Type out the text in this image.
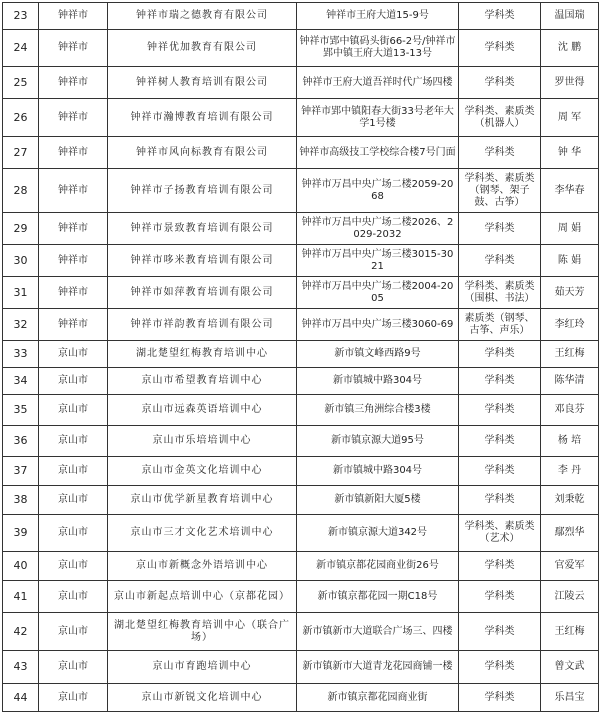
23	钟祥市	钟祥市瑞之德教育有限公司	钟祥市王府大道15-9号	学科类	温国瑞

24	钟祥市	钟祥优加教育有限公司	钟祥市郢中镇码头街66-2号/钟祥市郢中镇王府大道13-13号	学科类	沈 鹏

25	钟祥市	钟祥树人教育培训有限公司	钟祥市王府大道吾祥时代广场四楼	学科类	罗世得

26	钟祥市	钟祥市瀚博教育培训有限公司	钟祥市郢中镇阳春大街33号老年大学1号楼	学科类、素质类（机器人）	周 军

27	钟祥市	钟祥市风向标教育有限公司	钟祥市高级技工学校综合楼7号门面	学科类	钟 华

28	钟祥市	钟祥市子扬教育培训有限公司	钟祥市万昌中央广场二楼2059-2068	学科类、素质类（钢琴、架子鼓、古筝）	李华春

29	钟祥市	钟祥市景致教育培训有限公司	钟祥市万昌中央广场二楼2026、2029-2032	学科类	周 娟

30	钟祥市	钟祥市哆米教育培训有限公司	钟祥市万昌中央广场三楼3015-3021	学科类	陈 娟

31	钟祥市	钟祥市如萍教育培训有限公司	钟祥市万昌中央广场二楼2004-2005	学科类、素质类（围棋、书法）	茹天芳

32	钟祥市	钟祥市祥韵教育培训有限公司	钟祥市万昌中央广场三楼3060-69	素质类（钢琴、古筝、声乐）	李红玲

33	京山市	湖北楚望红梅教育培训中心	新市镇文峰西路9号	学科类	王红梅

34	京山市	京山市希望教育培训中心	新市镇城中路304号	学科类	陈华清

35	京山市	京山市远森英语培训中心	新市镇三角洲综合楼3楼	学科类	邓良芬

36	京山市	京山市乐培培训中心	新市镇京源大道95号	学科类	杨 培

37	京山市	京山市金英文化培训中心	新市镇城中路304号	学科类	李 丹

38	京山市	京山市优学新星教育培训中心	新市镇新阳大厦5楼	学科类	刘秉乾

39	京山市	京山市三才文化艺术培训中心	新市镇京源大道342号	学科类、素质类（艺术）	鄢烈华

40	京山市	京山市新概念外语培训中心	新市镇京都花园商业街26号	学科类	官爱军

41	京山市	京山市新起点培训中心（京都花园）	新市镇京都花园一期C18号	学科类	江陵云

42	京山市	湖北楚望红梅教育培训中心（联合广场）	新市镇新市大道联合广场三、四楼	学科类	王红梅

43	京山市	京山市育跑培训中心	新市镇新市大道青龙花园商铺一楼	学科类	曾文武

44	京山市	京山市新锐文化培训中心	新市镇京都花园商业街	学科类	乐昌宝
